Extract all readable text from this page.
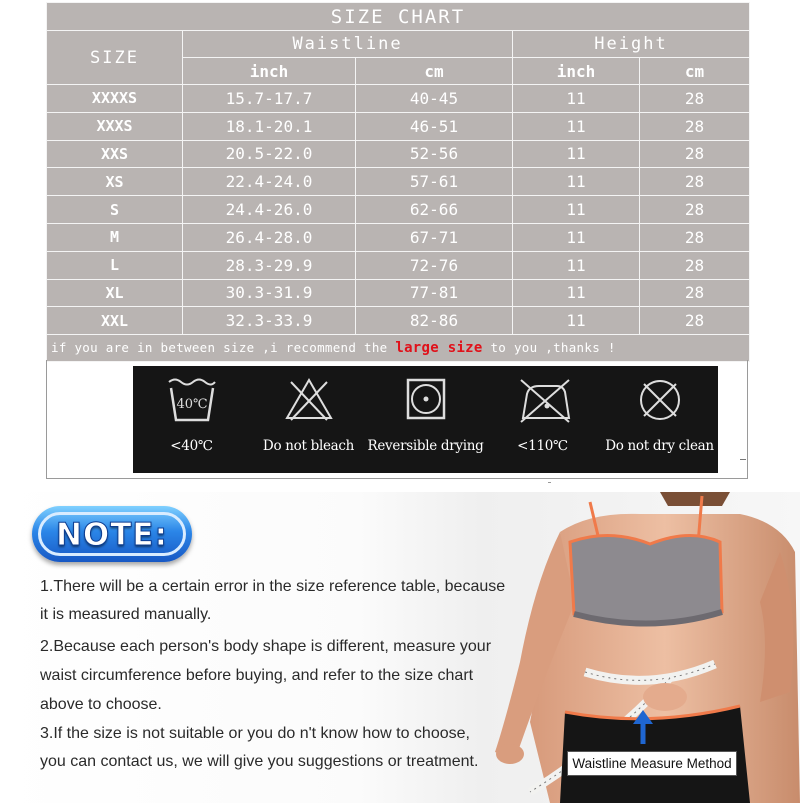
SIZE CHART				
SIZE	Waistline		Height	
	inch	cm	inch	cm
XXXXS	15.7-17.7	40-45	11	28
XXXS	18.1-20.1	46-51	11	28
XXS	20.5-22.0	52-56	11	28
XS	22.4-24.0	57-61	11	28
S	24.4-26.0	62-66	11	28
M	26.4-28.0	67-71	11	28
L	28.3-29.9	72-76	11	28
XL	30.3-31.9	77-81	11	28
XXL	32.3-33.9	82-86	11	28
if you are in between size ,i recommend the large size to you ,thanks !				
40℃
<40℃	Do not bleach Reversible drying	<110℃	Do not dry clean
NOTE:
1.There will be a certain error in the size reference table, because
it is measured manually.
2.Because each person's body shape is different, measure your
waist circumference before buying, and refer to the size chart
above to choose.
3.If the size is not suitable or you do n't know how to choose,
you can contact us, we will give you suggestions or treatment.	Waistline Measure Method
